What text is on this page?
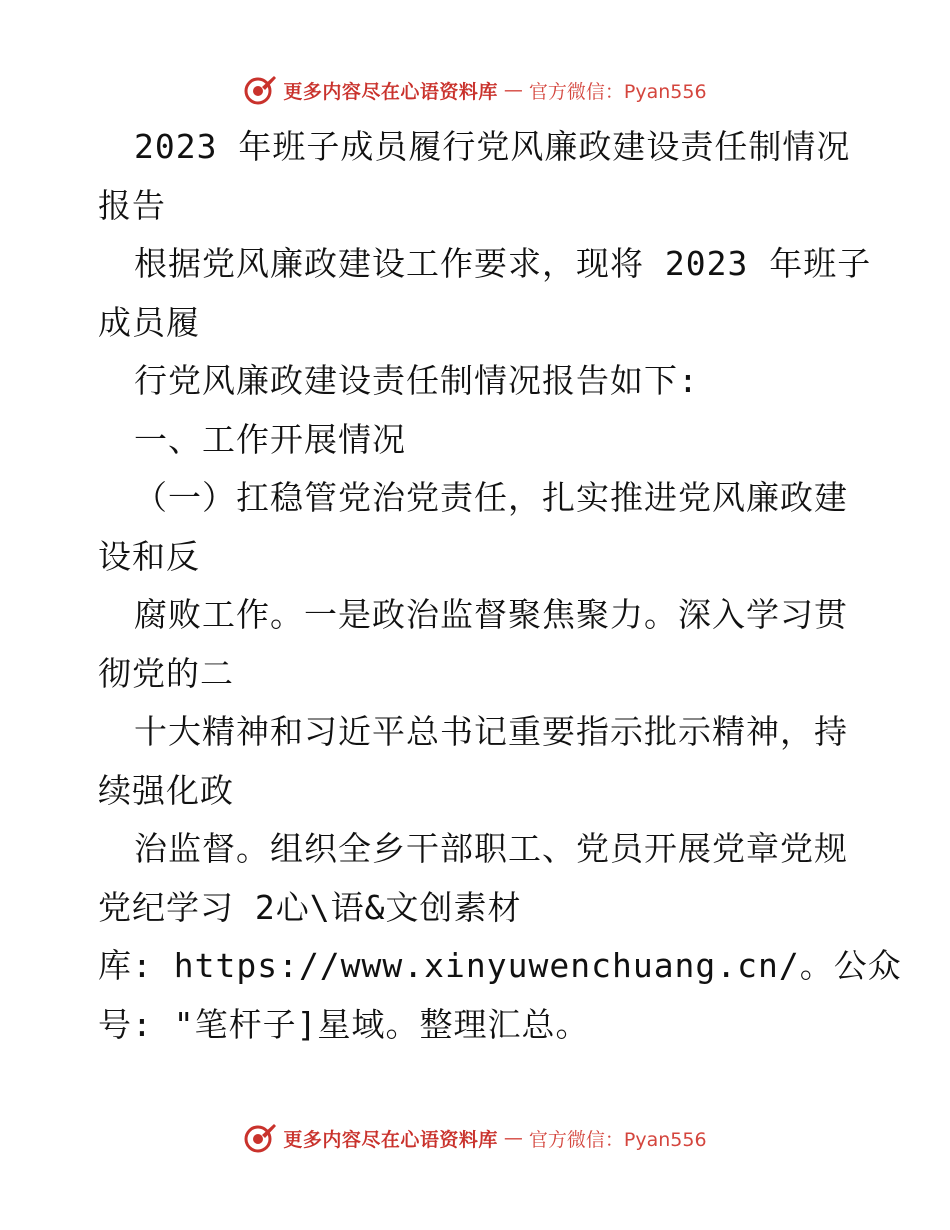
更多内容尽在心语资料库 — 官方微信：Pyan556
2023 年班子成员履行党风廉政建设责任制情况
报告
根据党风廉政建设工作要求，现将 2023 年班子
成员履
行党风廉政建设责任制情况报告如下:
一、工作开展情况
（一）扛稳管党治党责任，扎实推进党风廉政建
设和反
腐败工作。一是政治监督聚焦聚力。深入学习贯
彻党的二
十大精神和习近平总书记重要指示批示精神，持
续强化政
治监督。组织全乡干部职工、党员开展党章党规
党纪学习 2心\语&文创素材
库: https://www.xinyuwenchuang.cn/。公众
号: "笔杆子]星域。整理汇总。
更多内容尽在心语资料库 — 官方微信：Pyan556
